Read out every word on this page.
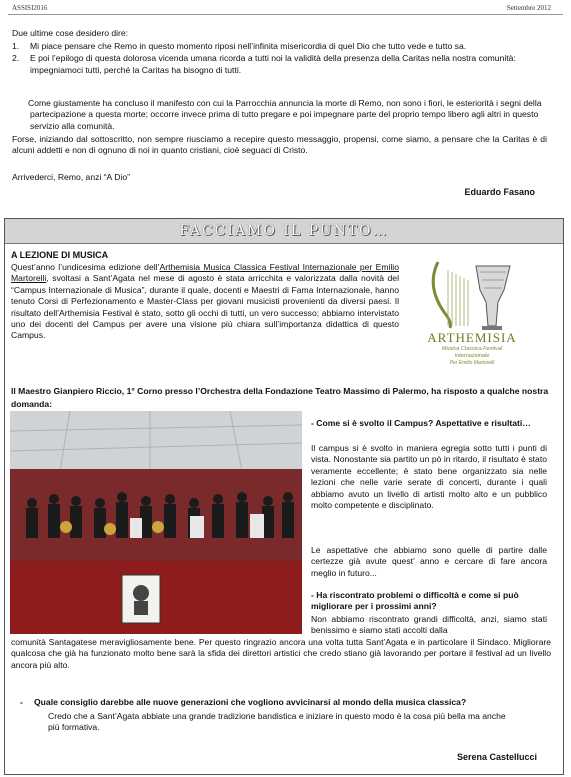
ASSISI2016	Settembre 2012
Due ultime cose desidero dire:
1. Mi piace pensare che Remo in questo momento riposi nell’infinita misericordia di quel Dio che tutto vede e tutto sa.
2. E poi l’epilogo di questa dolorosa vicenda umana ricorda a tutti noi la validità della presenza della Caritas nella nostra comunità: impegniamoci tutti, perché la Caritas ha bisogno di tutti.
Come giustamente ha concluso il manifesto con cui la Parrocchia annuncia la morte di Remo, non sono i fiori, le esteriorità i segni della partecipazione a questa morte; occorre invece prima di tutto pregare e poi impegnare parte del proprio tempo libero agli altri in questo servizio alla comunità.
Forse, iniziando dal sottoscritto, non sempre riusciamo a recepire questo messaggio, propensi, come siamo, a pensare che la Caritas è di alcuni addetti e non di ognuno di noi in quanto cristiani, cioè seguaci di Cristo.
Arrivederci, Remo, anzi “A Dio”
Eduardo Fasano
FACCIAMO IL PUNTO…
A LEZIONE DI MUSICA
Quest’anno l’undicesima edizione dell’Arthemisia Musica Classica Festival Internazionale per Emilio Martorelli, svoltasi a Sant’Agata nel mese di agosto è stata arricchita e valorizzata dalla novità del “Campus Internazionale di Musica”, durante il quale, docenti e Maestri di Fama Internazionale, hanno tenuto Corsi di Perfezionamento e Master-Class per giovani musicisti provenienti da diversi paesi. Il risultato dell’Arthemisia Festival è stato, sotto gli occhi di tutti, un vero successo; abbiamo intervistato uno dei docenti del Campus per avere una visione più chiara sull’importanza didattica di questo Campus.	ARTHEMISIA
Musica Classica Festival
Internazionale
Per Emilio Martorelli
Il Maestro Gianpiero Riccio, 1° Corno presso l’Orchestra della Fondazione Teatro Massimo di Palermo, ha risposto a qualche nostra domanda:
- Come si è svolto il Campus? Aspettative e risultati…
Il campus si è svolto in maniera egregia sotto tutti i punti di vista. Nonostante sia partito un pò in ritardo, il risultato è stato veramente eccellente; è stato bene organizzato sia nelle lezioni che nelle varie serate di concerti, durante i quali abbiamo avuto un livello di artisti molto alto e un pubblico molto competente e disciplinato.
Le aspettative che abbiamo sono quelle di partire dalle certezze già avute quest’ anno e cercare di fare ancora meglio in futuro...
- Ha riscontrato problemi o difficoltà e come si può migliorare per i prossimi anni?
Non abbiamo riscontrato grandi difficoltà, anzi, siamo stati benissimo e siamo stati accolti dalla
comunità Santagatese meravigliosamente bene. Per questo ringrazio ancora una volta tutta Sant’Agata e in particolare il Sindaco. Migliorare qualcosa che già ha funzionato molto bene sarà la sfida dei direttori artistici che credo stiano già lavorando per portare il festival ad un livello ancora più alto.
- Quale consiglio darebbe alle nuove generazioni che vogliono avvicinarsi al mondo della musica classica?
Credo che a Sant’Agata abbiate una grande tradizione bandistica e iniziare in questo modo è la cosa più bella ma anche più formativa.
Serena Castellucci
